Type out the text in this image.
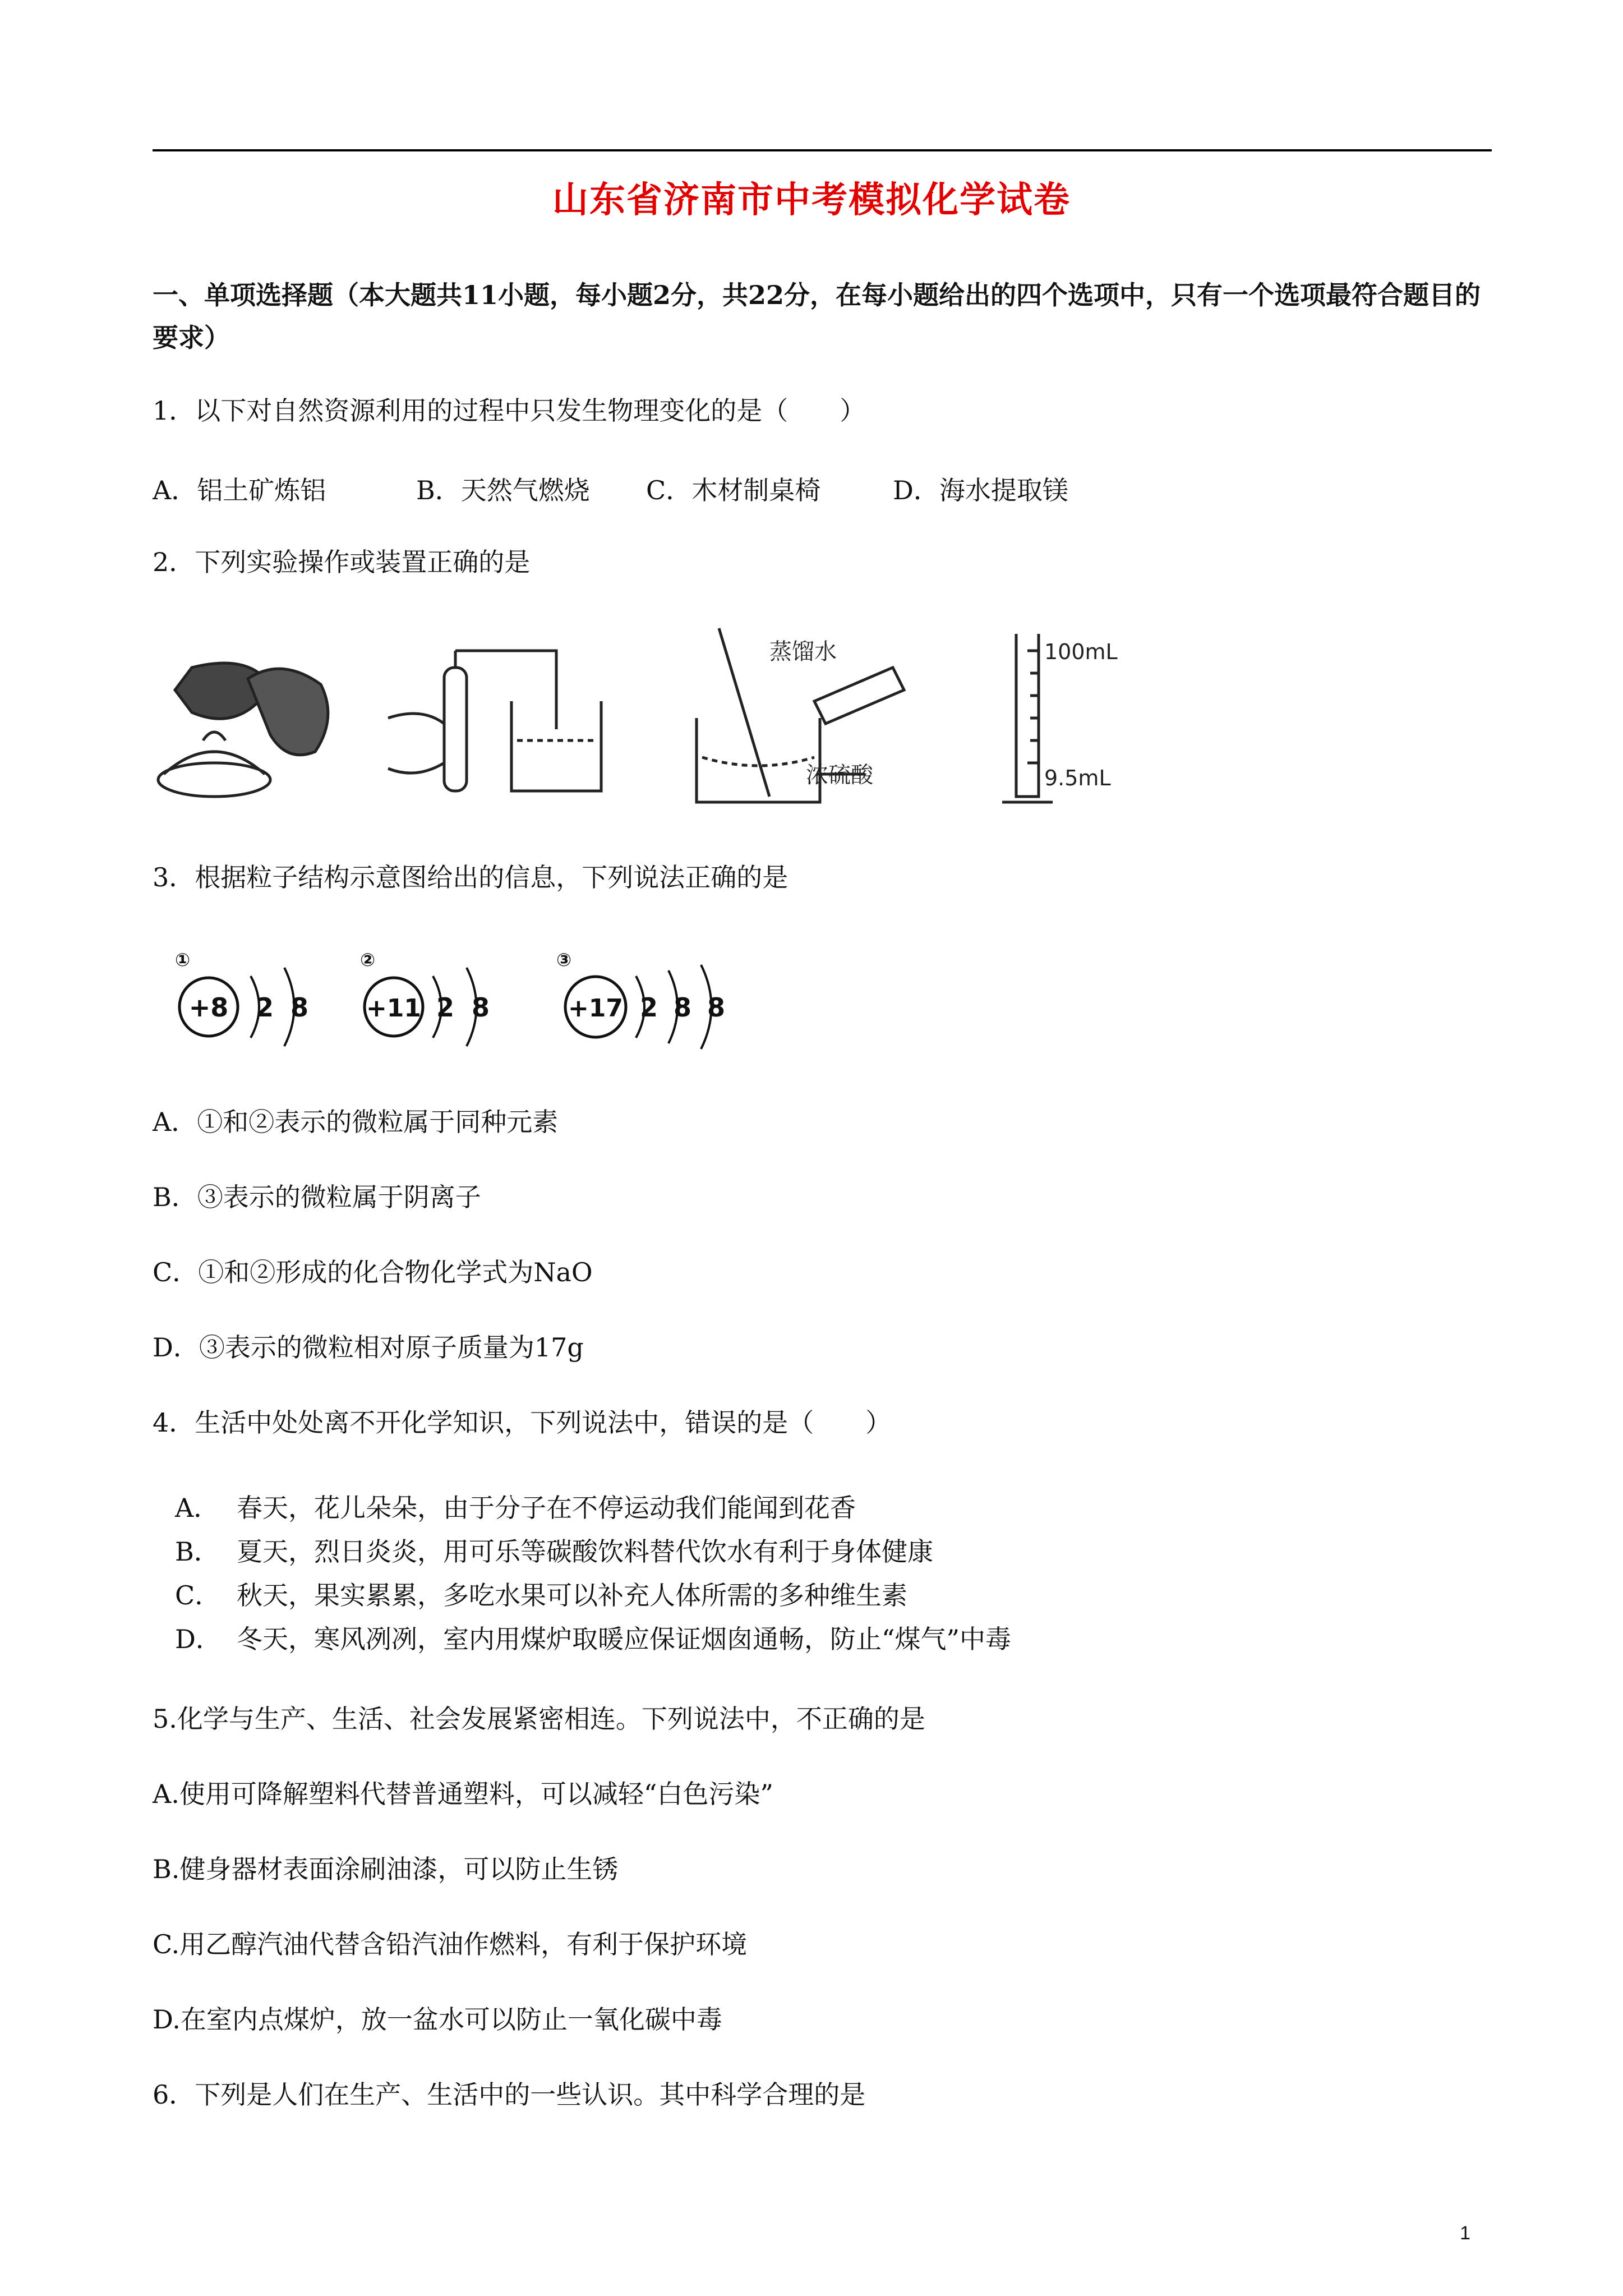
山东省济南市中考模拟化学试卷
一、单项选择题（本大题共11小题，每小题2分，共22分，在每小题给出的四个选项中，只有一个选项最符合题目的要求）
1．以下对自然资源利用的过程中只发生物理变化的是（　　）
A．铝土矿炼铝	B．天然气燃烧 C．木材制桌椅	D．海水提取镁
2．下列实验操作或装置正确的是
蒸馏水
浓硫酸
100mL
9.5mL
3．根据粒子结构示意图给出的信息，下列说法正确的是
①
+8 2 8
②
+11 2 8
③
+17 2 8 8
A．①和②表示的微粒属于同种元素
B．③表示的微粒属于阴离子
C．①和②形成的化合物化学式为NaO
D．③表示的微粒相对原子质量为17g
4．生活中处处离不开化学知识，下列说法中，错误的是（　　）
A． 春天，花儿朵朵，由于分子在不停运动我们能闻到花香
B． 夏天，烈日炎炎，用可乐等碳酸饮料替代饮水有利于身体健康
C． 秋天，果实累累，多吃水果可以补充人体所需的多种维生素
D． 冬天，寒风冽冽，室内用煤炉取暖应保证烟囱通畅，防止“煤气”中毒
5.化学与生产、生活、社会发展紧密相连。下列说法中，不正确的是
A.使用可降解塑料代替普通塑料，可以减轻“白色污染”
B.健身器材表面涂刷油漆，可以防止生锈
C.用乙醇汽油代替含铅汽油作燃料，有利于保护环境
D.在室内点煤炉，放一盆水可以防止一氧化碳中毒
6．下列是人们在生产、生活中的一些认识。其中科学合理的是
1
